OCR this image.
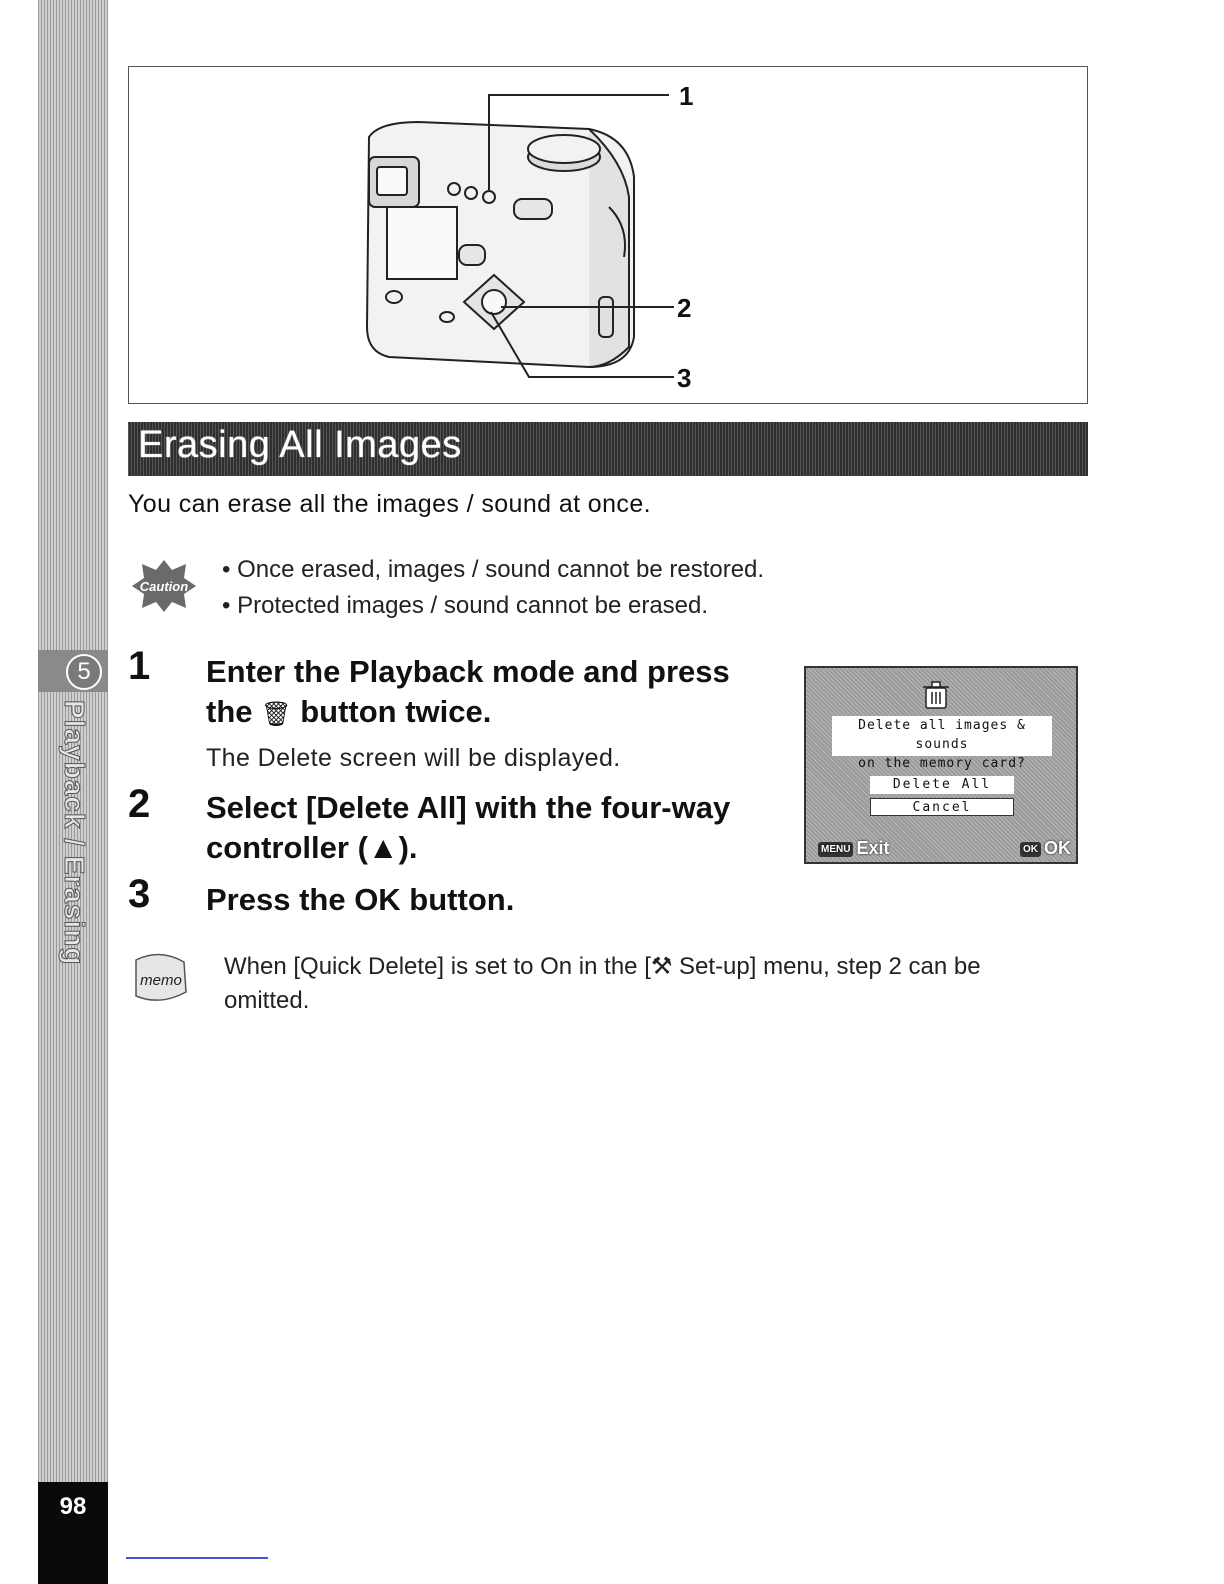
5
Playback / Erasing
98
1
2
3
Erasing All Images
You can erase all the images / sound at once.
Caution
• Once erased, images / sound cannot be restored.
• Protected images / sound cannot be erased.
1 Enter the Playback mode and press
the 🗑 button twice.
The Delete screen will be displayed.
2 Select [Delete All] with the four-way
controller (▲).
3 Press the OK button.
Delete all images & sounds
on the memory card?
Delete All
Cancel
MENU Exit	OK OK
memo
When [Quick Delete] is set to On in the [⚒ Set-up] menu, step 2 can be
omitted.
